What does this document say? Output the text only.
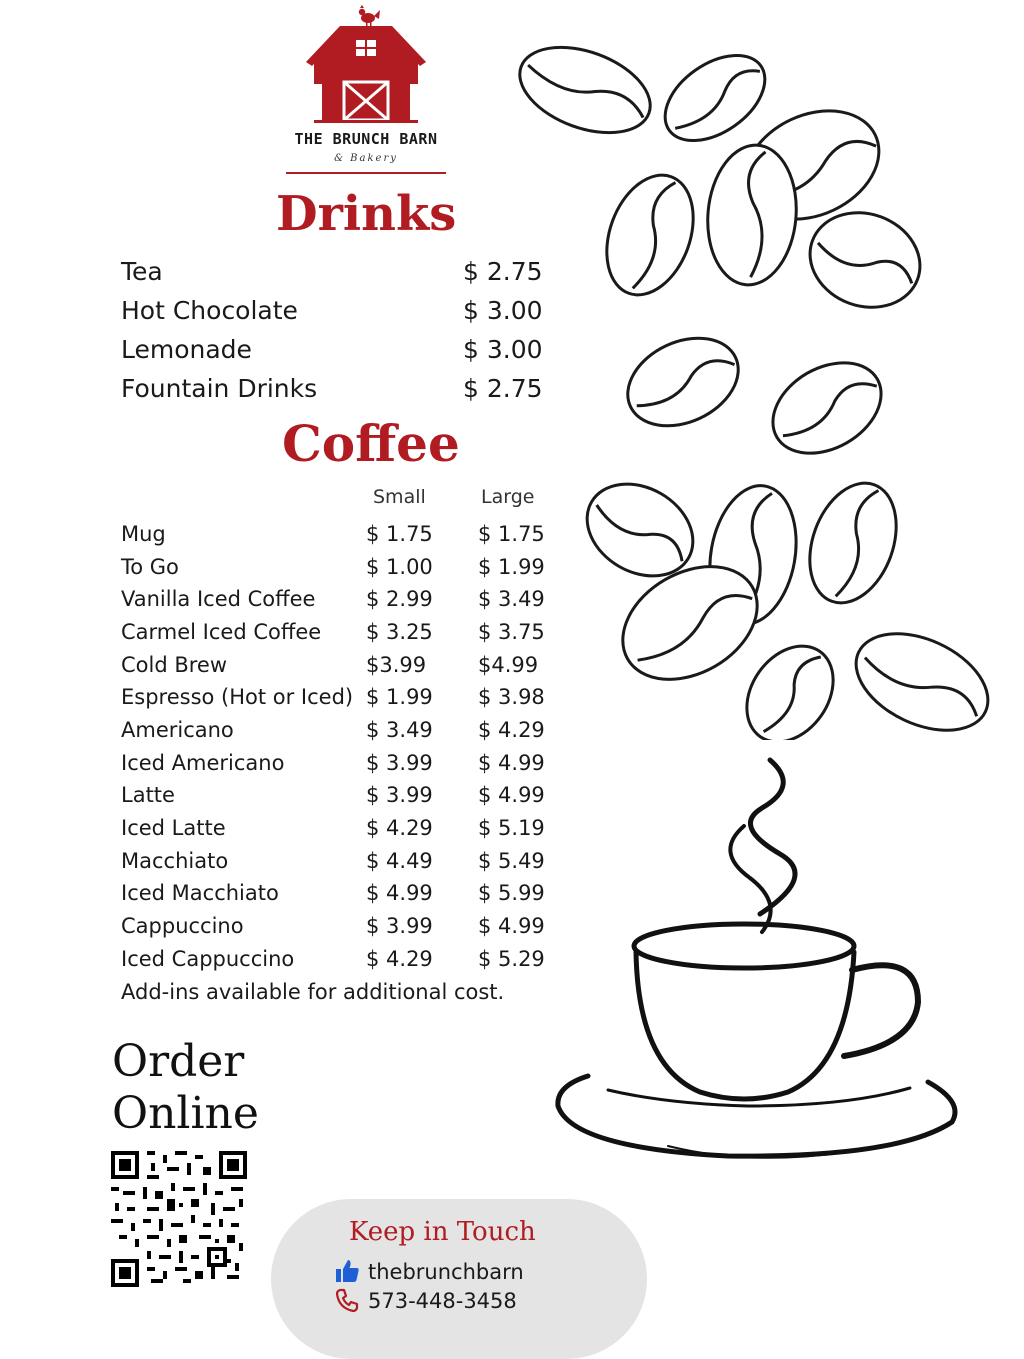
THE BRUNCH BARN
& Bakery
Drinks
Tea	$ 2.75
Hot Chocolate	$ 3.00
Lemonade	$ 3.00
Fountain Drinks	$ 2.75
Coffee
Small	Large
Mug	$ 1.75 $ 1.75
To Go	$ 1.00 $ 1.99
Vanilla Iced Coffee $ 2.99 $ 3.49
Carmel Iced Coffee $ 3.25 $ 3.75
Cold Brew	$3.99 $4.99
Espresso (Hot or Iced) $ 1.99 $ 3.98
Americano	$ 3.49 $ 4.29
Iced Americano	$ 3.99 $ 4.99
Latte	$ 3.99 $ 4.99
Iced Latte	$ 4.29 $ 5.19
Macchiato	$ 4.49 $ 5.49
Iced Macchiato	$ 4.99 $ 5.99
Cappuccino	$ 3.99 $ 4.99
Iced Cappuccino	$ 4.29 $ 5.29
Add-ins available for additional cost.
Order
Online
Keep in Touch
thebrunchbarn
573-448-3458
